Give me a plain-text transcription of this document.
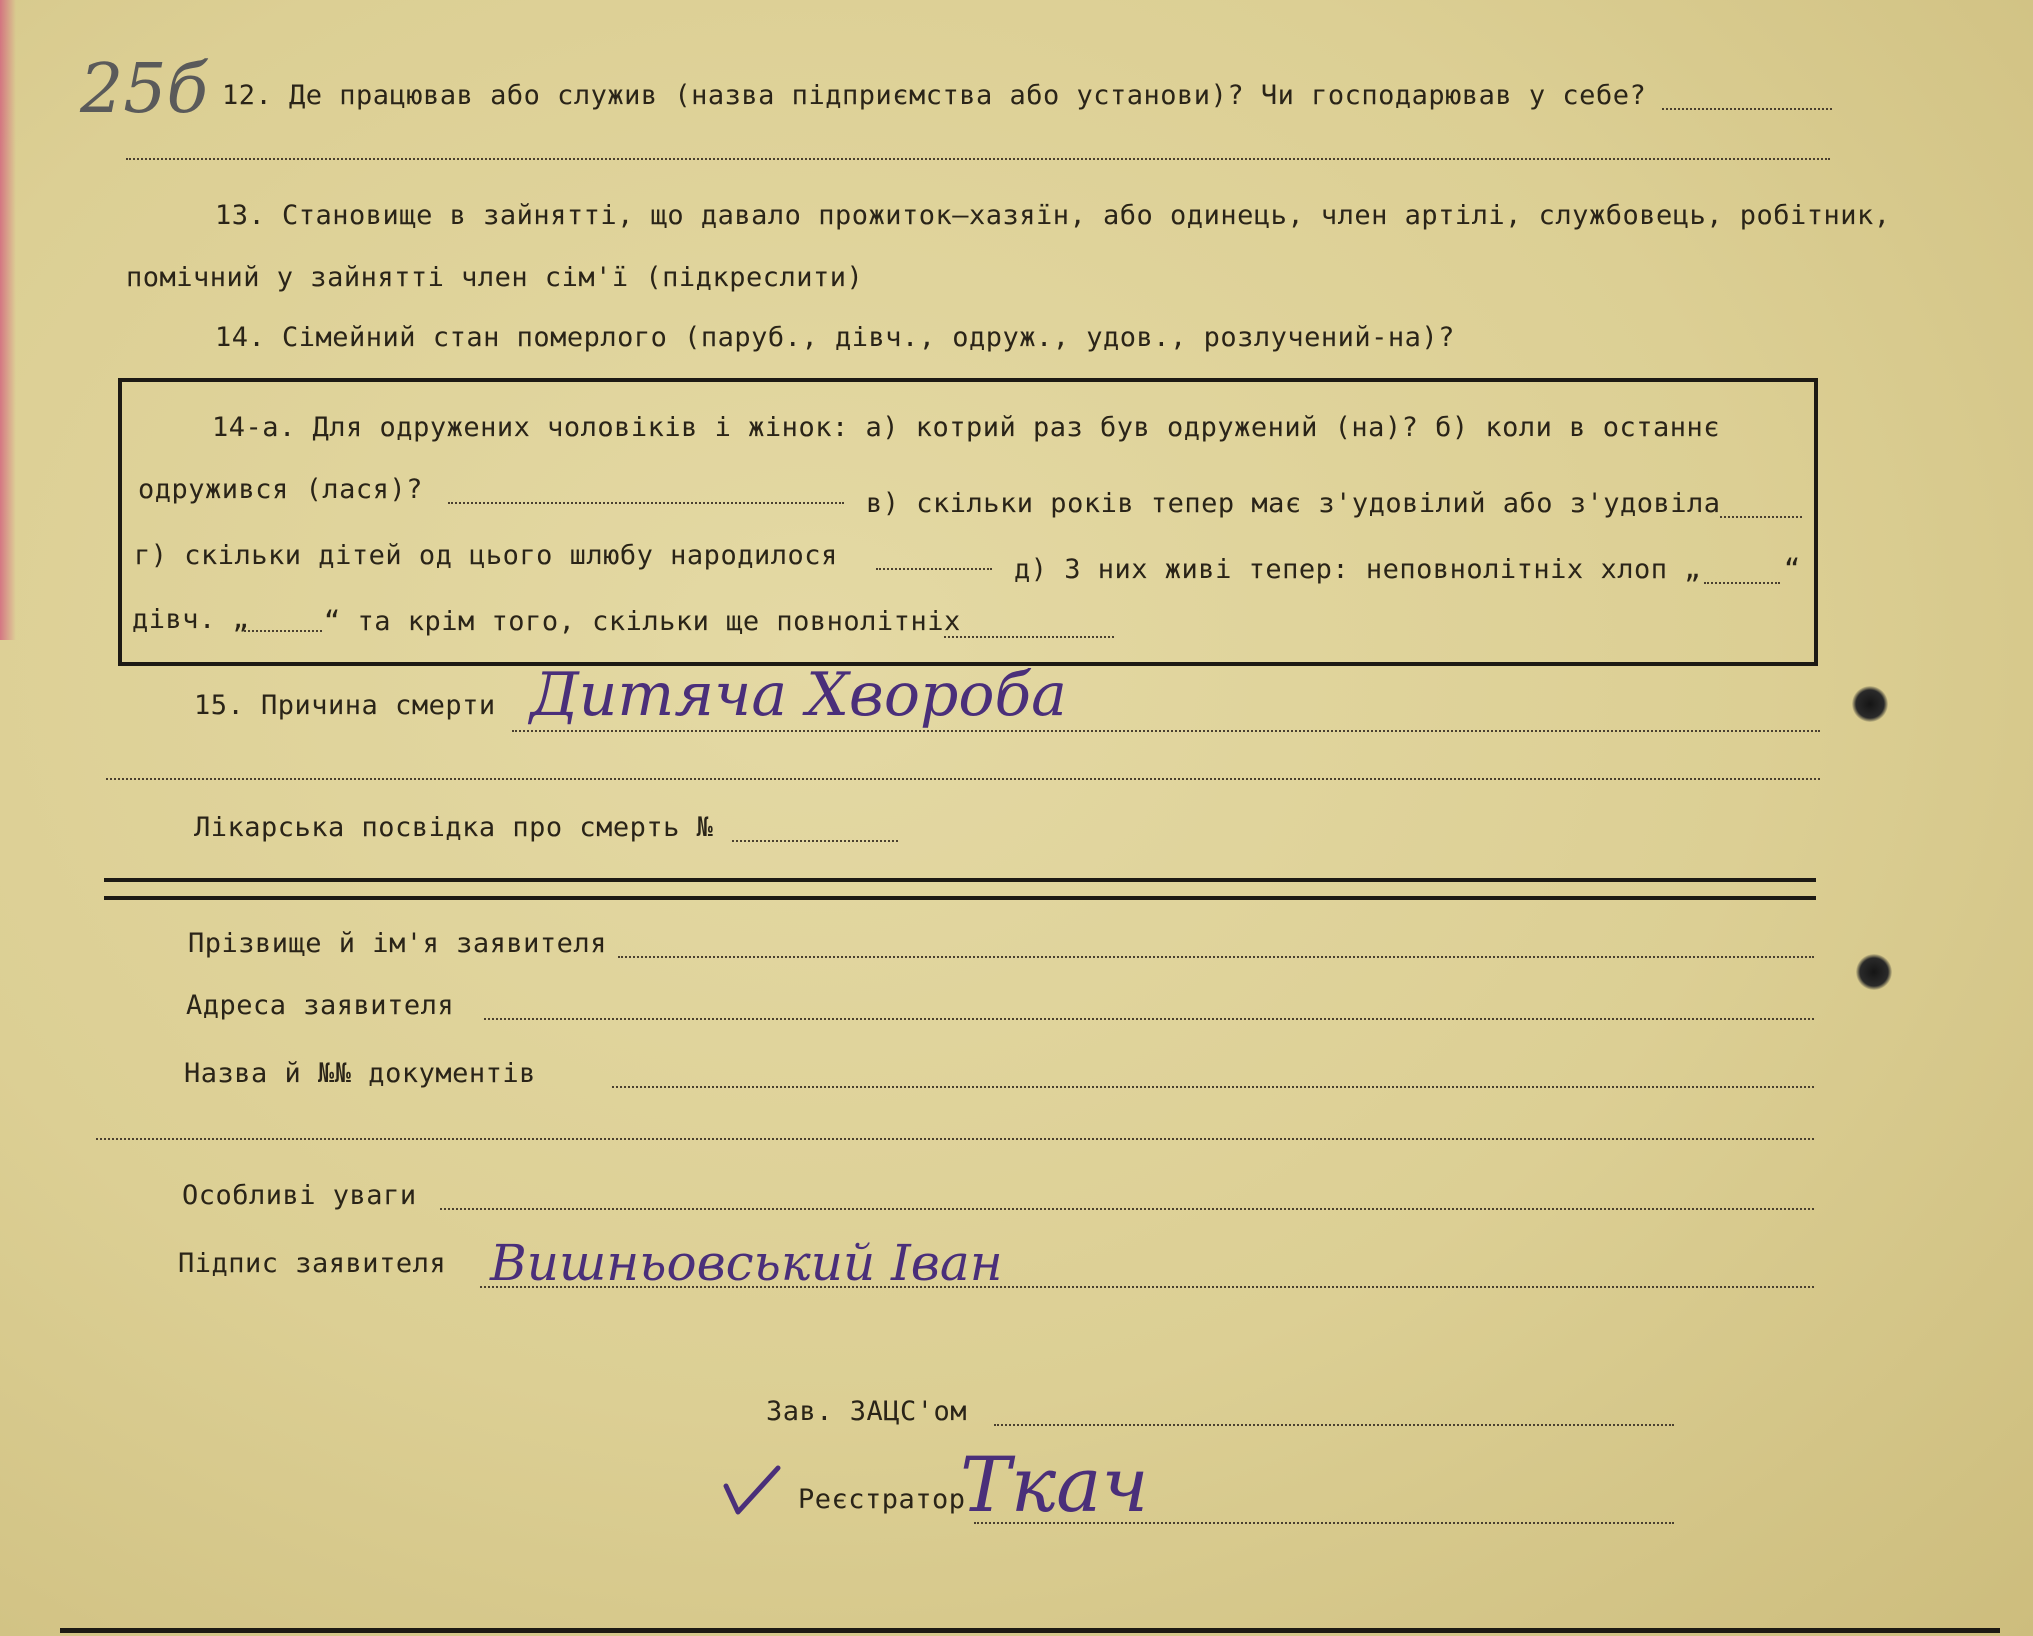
25б 12. Де працював або служив (назва підприємства або установи)? Чи господарював у себе?
13. Становище в зайнятті, що давало прожиток—хазяїн, або одинець, член артілі, службовець, робітник,
помічний у зайнятті член сім'ї (підкреслити)
14. Сімейний стан померлого (паруб., дівч., одруж., удов., розлучений-на)?
14-а. Для одружених чоловіків і жінок: а) котрий раз був одружений (на)? б) коли в останнє
одружився (лася)?	в) скільки років тепер має з'удовілий або з'удовіла
г) скільки дітей од цього шлюбу народилося	д) З них живі тепер: неповнолітніх хлоп „	“
дівч. „	“ та крім того, скільки ще повнолітніх
15. Причина смерти Дитяча Хвороба
Лікарська посвідка про смерть №
Прізвище й ім'я заявителя
Адреса заявителя
Назва й №№ документів
Особливі уваги
Підпис заявителя Вишньовський Іван
Зав. ЗАЦС'ом
Реєстратор
Ткач
